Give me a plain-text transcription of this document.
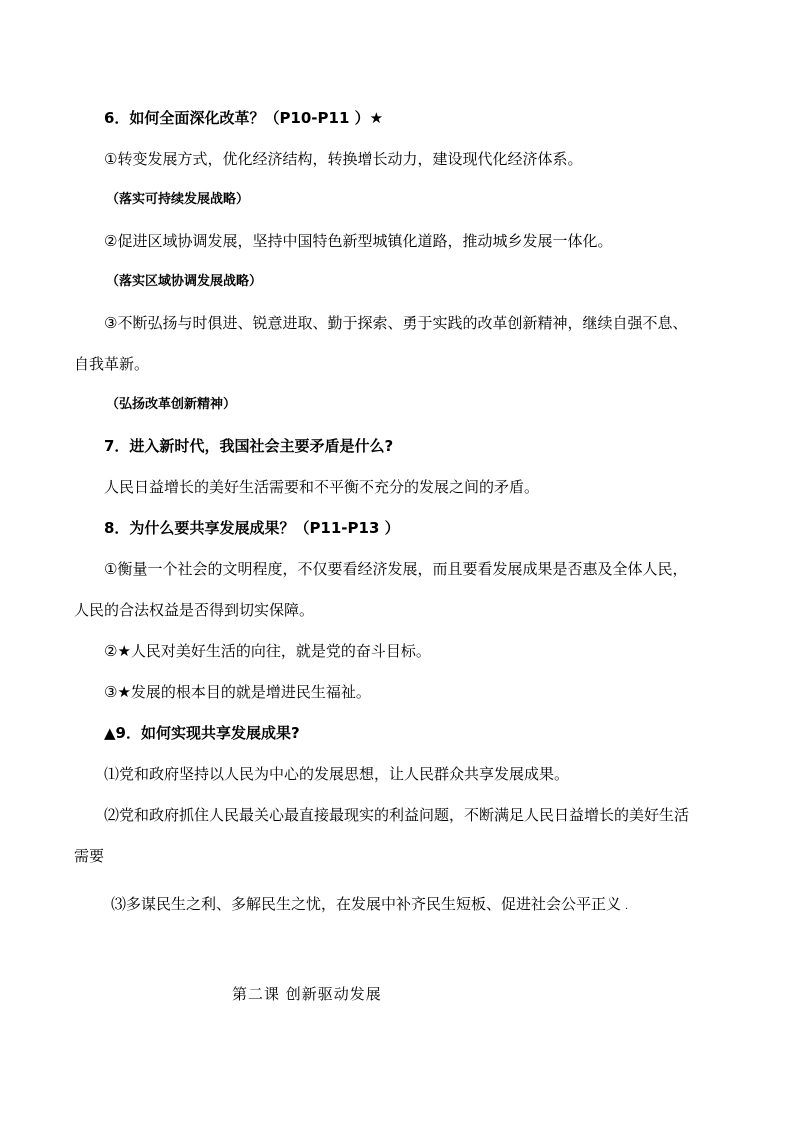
6．如何全面深化改革？（P10-P11 ）★
①转变发展方式，优化经济结构，转换增长动力，建设现代化经济体系。
（落实可持续发展战略）
②促进区域协调发展，坚持中国特色新型城镇化道路，推动城乡发展一体化。
（落实区域协调发展战略）
③不断弘扬与时俱进、锐意进取、勤于探索、勇于实践的改革创新精神，继续自强不息、
自我革新。
（弘扬改革创新精神）
7．进入新时代，我国社会主要矛盾是什么?
人民日益增长的美好生活需要和不平衡不充分的发展之间的矛盾。
8．为什么要共享发展成果？（P11-P13 ）
①衡量一个社会的文明程度，不仅要看经济发展，而且要看发展成果是否惠及全体人民，
人民的合法权益是否得到切实保障。
②★人民对美好生活的向往，就是党的奋斗目标。
③★发展的根本目的就是增进民生福祉。
▲9．如何实现共享发展成果?
⑴党和政府坚持以人民为中心的发展思想，让人民群众共享发展成果。
⑵党和政府抓住人民最关心最直接最现实的利益问题，不断满足人民日益增长的美好生活
需要
⑶多谋民生之利、多解民生之忧，在发展中补齐民生短板、促进社会公平正义 .
第二课 创新驱动发展
